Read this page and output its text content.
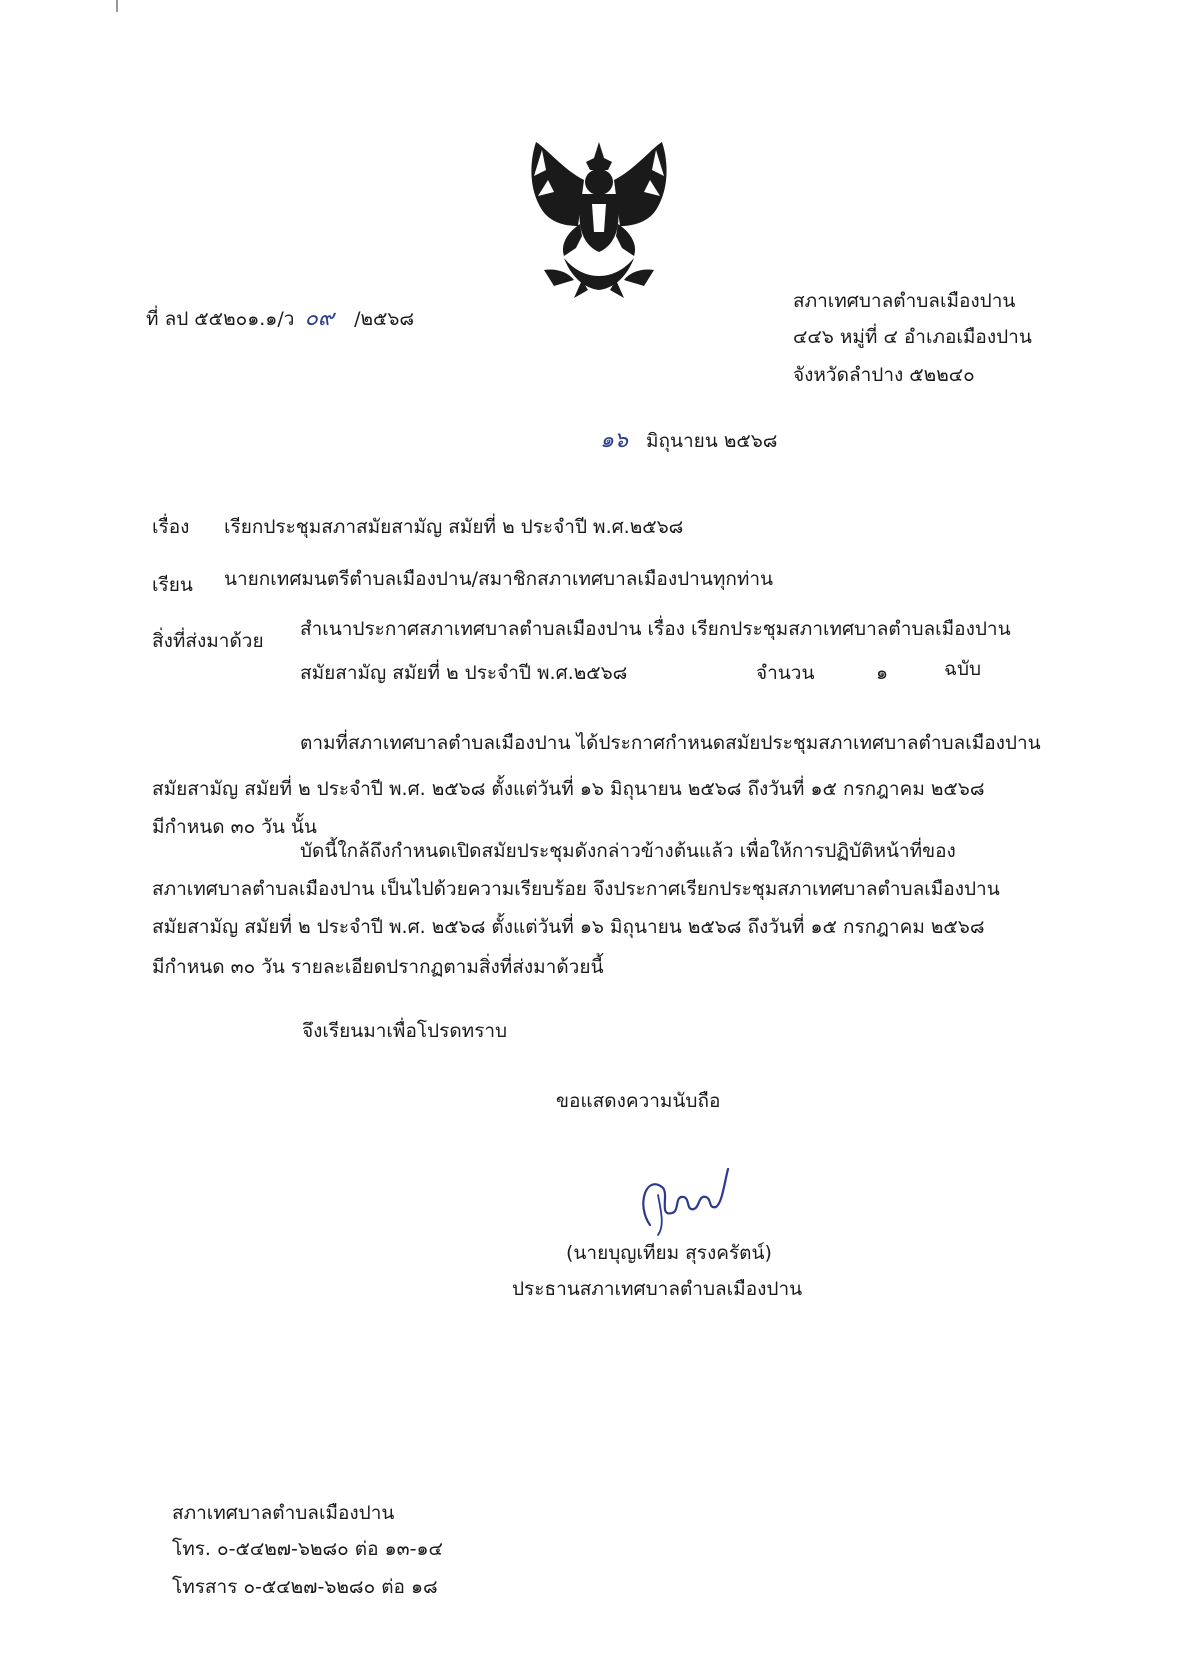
ที่ ลป ๕๕๒๐๑.๑/ว ๐๙ /๒๕๖๘
สภาเทศบาลตำบลเมืองปาน
๔๔๖ หมู่ที่ ๔ อำเภอเมืองปาน
จังหวัดลำปาง ๕๒๒๔๐
๑๖ มิถุนายน ๒๕๖๘
เรื่อง เรียกประชุมสภาสมัยสามัญ สมัยที่ ๒ ประจำปี พ.ศ.๒๕๖๘
เรียน นายกเทศมนตรีตำบลเมืองปาน/สมาชิกสภาเทศบาลเมืองปานทุกท่าน
สิ่งที่ส่งมาด้วย
สำเนาประกาศสภาเทศบาลตำบลเมืองปาน เรื่อง เรียกประชุมสภาเทศบาลตำบลเมืองปาน
สมัยสามัญ สมัยที่ ๒ ประจำปี พ.ศ.๒๕๖๘	จำนวน	๑	ฉบับ
ตามที่สภาเทศบาลตำบลเมืองปาน ได้ประกาศกำหนดสมัยประชุมสภาเทศบาลตำบลเมืองปาน
สมัยสามัญ สมัยที่ ๒ ประจำปี พ.ศ. ๒๕๖๘ ตั้งแต่วันที่ ๑๖ มิถุนายน ๒๕๖๘ ถึงวันที่ ๑๕ กรกฎาคม ๒๕๖๘
มีกำหนด ๓๐ วัน นั้น
บัดนี้ใกล้ถึงกำหนดเปิดสมัยประชุมดังกล่าวข้างต้นแล้ว เพื่อให้การปฏิบัติหน้าที่ของ
สภาเทศบาลตำบลเมืองปาน เป็นไปด้วยความเรียบร้อย จึงประกาศเรียกประชุมสภาเทศบาลตำบลเมืองปาน
สมัยสามัญ สมัยที่ ๒ ประจำปี พ.ศ. ๒๕๖๘ ตั้งแต่วันที่ ๑๖ มิถุนายน ๒๕๖๘ ถึงวันที่ ๑๕ กรกฎาคม ๒๕๖๘
มีกำหนด ๓๐ วัน รายละเอียดปรากฏตามสิ่งที่ส่งมาด้วยนี้
จึงเรียนมาเพื่อโปรดทราบ
ขอแสดงความนับถือ
(นายบุญเทียม สุรงครัตน์)
ประธานสภาเทศบาลตำบลเมืองปาน
สภาเทศบาลตำบลเมืองปาน
โทร. ๐-๕๔๒๗-๖๒๘๐ ต่อ ๑๓-๑๔
โทรสาร ๐-๕๔๒๗-๖๒๘๐ ต่อ ๑๘
